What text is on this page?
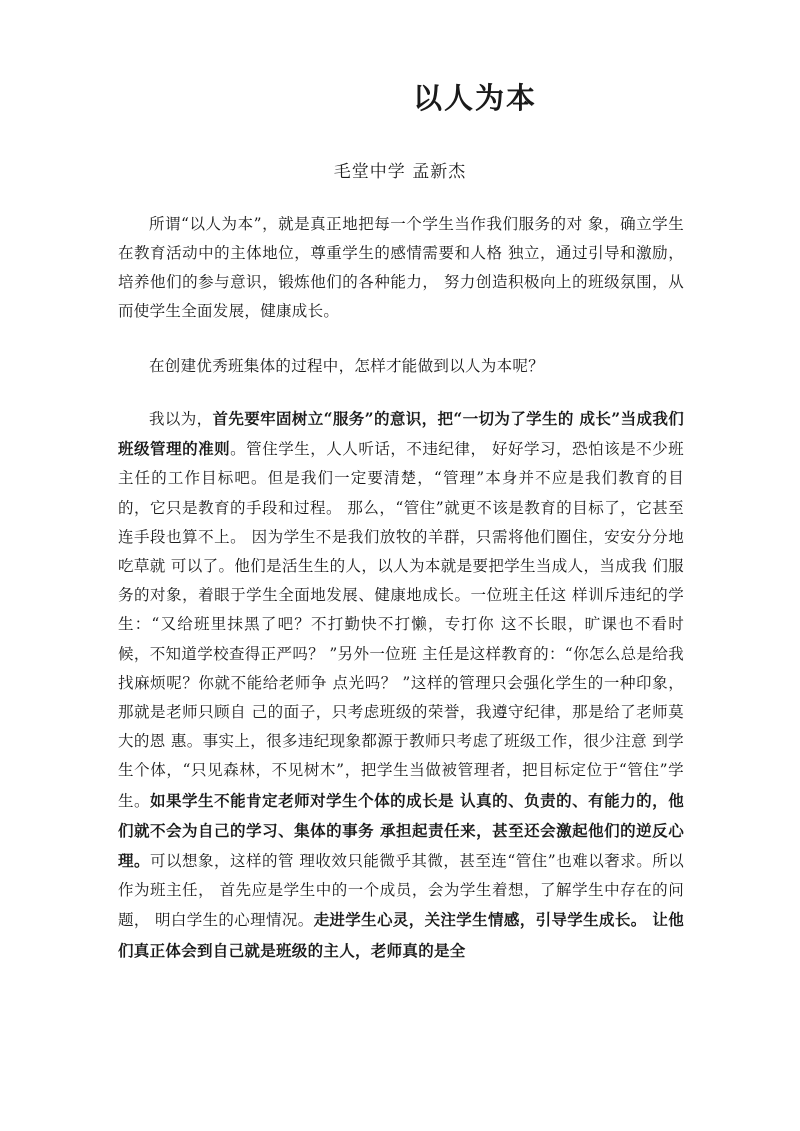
以人为本
毛堂中学 孟新杰

所谓“以人为本”，就是真正地把每一个学生当作我们服务的对 象，确立学生在教育活动中的主体地位，尊重学生的感情需要和人格 独立，通过引导和激励，培养他们的参与意识，锻炼他们的各种能力， 努力创造积极向上的班级氛围，从而使学生全面发展，健康成长。

在创建优秀班集体的过程中，怎样才能做到以人为本呢？

我以为，首先要牢固树立“服务”的意识，把“一切为了学生的 成长”当成我们班级管理的准则。管住学生，人人听话，不违纪律， 好好学习，恐怕该是不少班主任的工作目标吧。但是我们一定要清楚，“管理”本身并不应是我们教育的目的，它只是教育的手段和过程。 那么，“管住”就更不该是教育的目标了，它甚至连手段也算不上。 因为学生不是我们放牧的羊群，只需将他们圈住，安安分分地吃草就 可以了。他们是活生生的人，以人为本就是要把学生当成人，当成我 们服务的对象，着眼于学生全面地发展、健康地成长。一位班主任这 样训斥违纪的学生：“又给班里抹黑了吧？不打勤快不打懒，专打你 这不长眼，旷课也不看时候，不知道学校查得正严吗？ ”另外一位班 主任是这样教育的：“你怎么总是给我找麻烦呢？你就不能给老师争 点光吗？ ”这样的管理只会强化学生的一种印象，那就是老师只顾自 己的面子，只考虑班级的荣誉，我遵守纪律，那是给了老师莫大的恩 惠。事实上，很多违纪现象都源于教师只考虑了班级工作，很少注意 到学生个体，“只见森林，不见树木”，把学生当做被管理者，把目标定位于“管住”学生。如果学生不能肯定老师对学生个体的成长是 认真的、负责的、有能力的，他们就不会为自己的学习、集体的事务 承担起责任来，甚至还会激起他们的逆反心理。可以想象，这样的管 理收效只能微乎其微，甚至连“管住”也难以奢求。所以作为班主任， 首先应是学生中的一个成员，会为学生着想，了解学生中存在的问题， 明白学生的心理情况。走进学生心灵，关注学生情感，引导学生成长。 让他们真正体会到自己就是班级的主人，老师真的是全
